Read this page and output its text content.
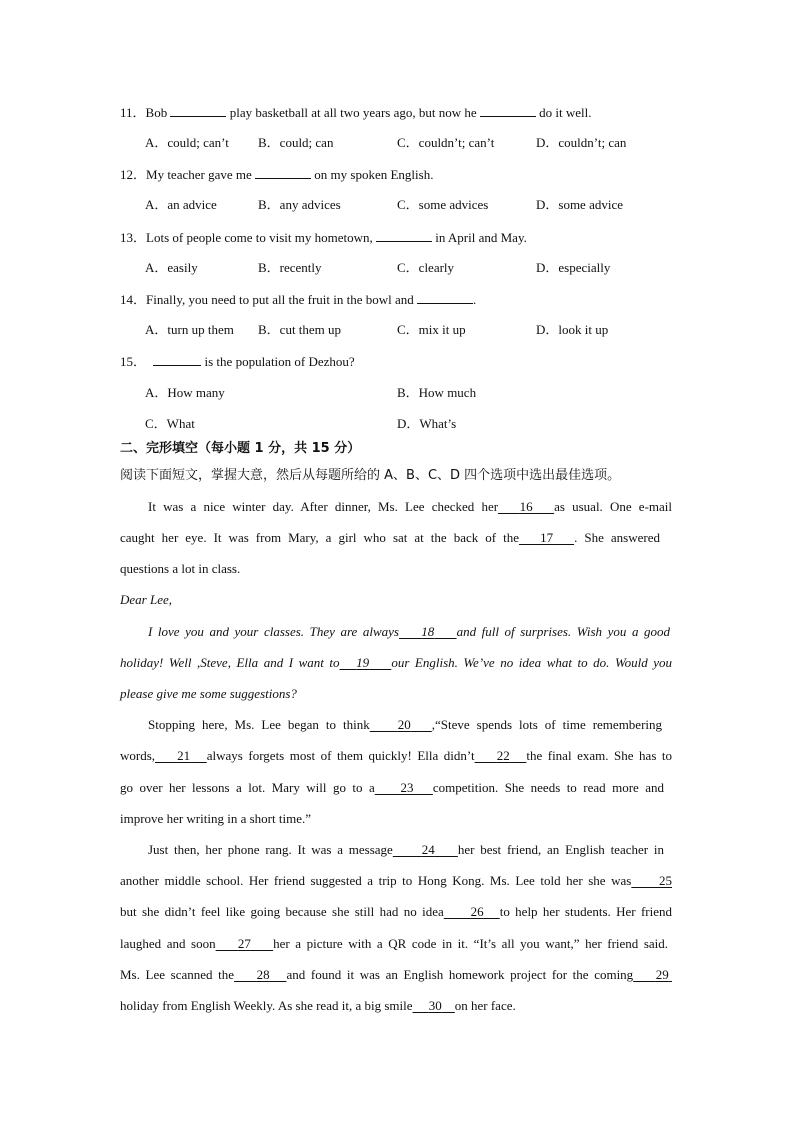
11．Bob	play basketball at all two years ago, but now he	do it well.
A．could; can’t B．could; can	C．couldn’t; can’t	D．couldn’t; can
12．My teacher gave me	on my spoken English.
A．an advice	B．any advices	C．some advices	D．some advice
13．Lots of people come to visit my hometown,	in April and May.
A．easily	B．recently	C．clearly	D．especially
14．Finally, you need to put all the fruit in the bowl and	.
A．turn up them B．cut them up	C．mix it up	D．look it up
15．	is the population of Dezhou?
A．How many	B．How much
C．What	D．What’s
二、完形填空（每小题 1 分，共 15 分）
阅读下面短文，掌握大意，然后从每题所给的 A、B、C、D 四个选项中选出最佳选项。
It was a nice winter day. After dinner, Ms. Lee checked her 16 as usual. One e-mail
caught her eye. It was from Mary, a girl who sat at the back of the 17 . She answered
questions a lot in class.
Dear Lee,
I love you and your classes. They are always 18 and full of surprises. Wish you a good
holiday! Well ,Steve, Ella and I want to 19 our English. We’ve no idea what to do. Would you
please give me some suggestions?
Stopping here, Ms. Lee began to think 20 ,“Steve spends lots of time remembering
words, 21 always forgets most of them quickly! Ella didn’t 22 the final exam. She has to
go over her lessons a lot. Mary will go to a 23 competition. She needs to read more and
improve her writing in a short time.”
Just then, her phone rang. It was a message 24 her best friend, an English teacher in
another middle school. Her friend suggested a trip to Hong Kong. Ms. Lee told her she was 25
but she didn’t feel like going because she still had no idea 26 to help her students. Her friend
laughed and soon 27 her a picture with a QR code in it. “It’s all you want,” her friend said.
Ms. Lee scanned the 28 and found it was an English homework project for the coming 29
holiday from English Weekly. As she read it, a big smile 30 on her face.
